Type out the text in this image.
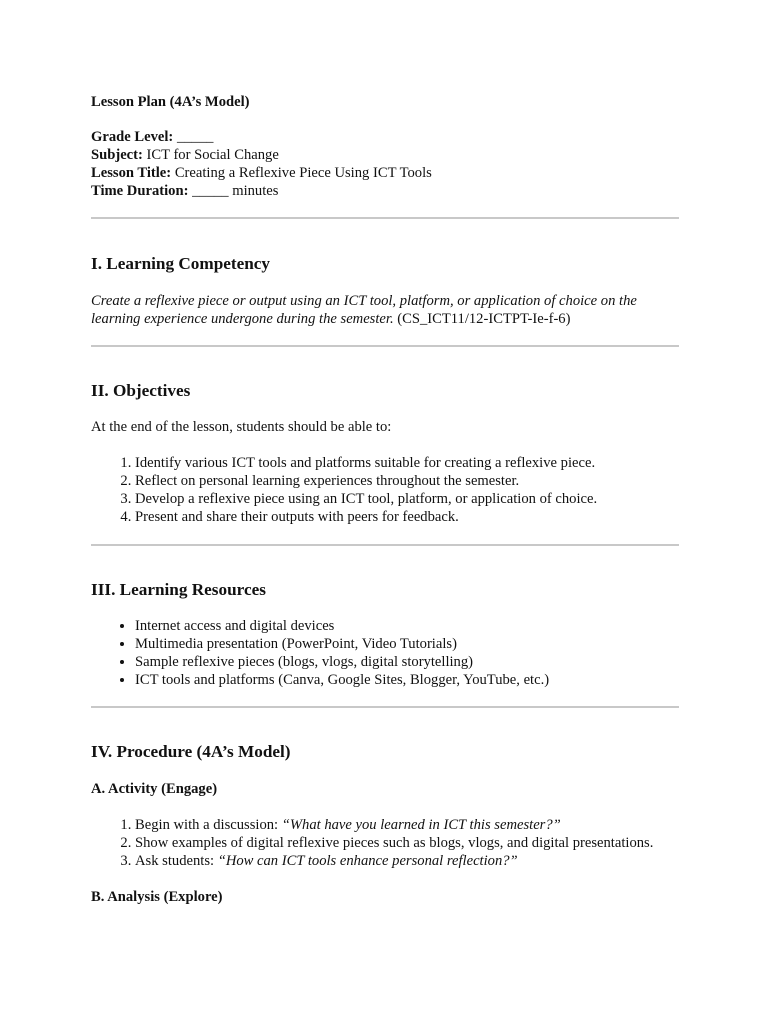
Lesson Plan (4A’s Model)

Grade Level: _____
Subject: ICT for Social Change
Lesson Title: Creating a Reflexive Piece Using ICT Tools
Time Duration: _____ minutes

I. Learning Competency

Create a reflexive piece or output using an ICT tool, platform, or application of choice on the
learning experience undergone during the semester. (CS_ICT11/12-ICTPT-Ie-f-6)

II. Objectives

At the end of the lesson, students should be able to:

1. Identify various ICT tools and platforms suitable for creating a reflexive piece.
2. Reflect on personal learning experiences throughout the semester.
3. Develop a reflexive piece using an ICT tool, platform, or application of choice.
4. Present and share their outputs with peers for feedback.

III. Learning Resources

• Internet access and digital devices
• Multimedia presentation (PowerPoint, Video Tutorials)
• Sample reflexive pieces (blogs, vlogs, digital storytelling)
• ICT tools and platforms (Canva, Google Sites, Blogger, YouTube, etc.)

IV. Procedure (4A’s Model)

A. Activity (Engage)

1. Begin with a discussion: “What have you learned in ICT this semester?”
2. Show examples of digital reflexive pieces such as blogs, vlogs, and digital presentations.
3. Ask students: “How can ICT tools enhance personal reflection?”

B. Analysis (Explore)
